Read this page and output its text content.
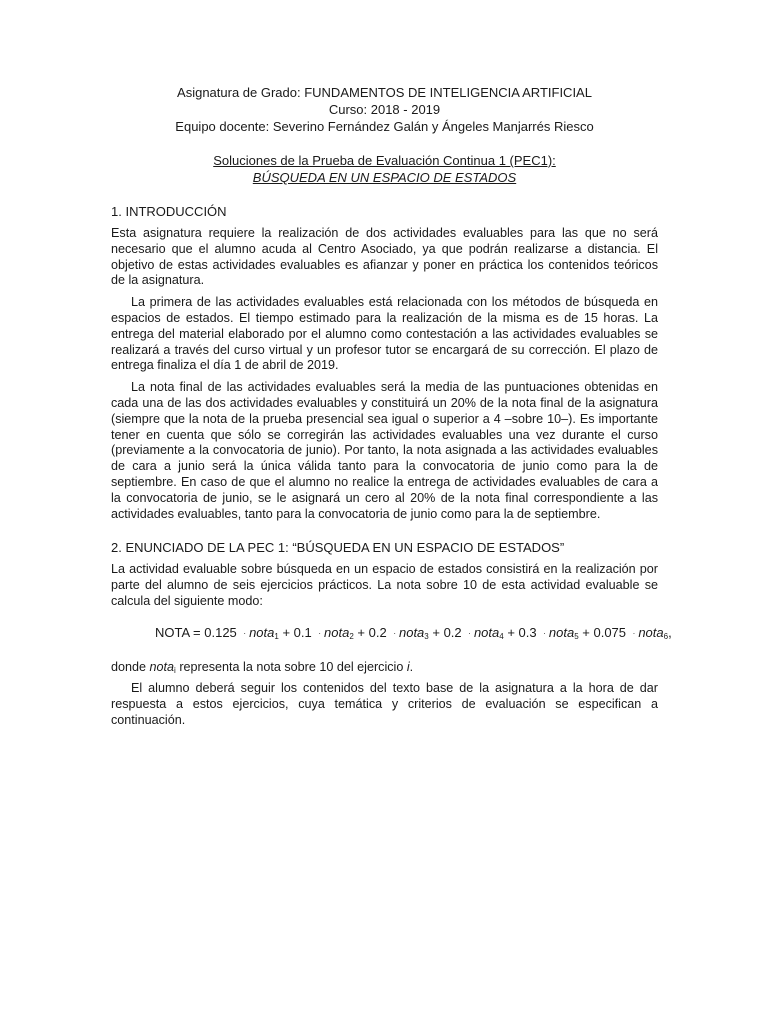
Asignatura de Grado: FUNDAMENTOS DE INTELIGENCIA ARTIFICIAL
Curso: 2018 - 2019
Equipo docente: Severino Fernández Galán y Ángeles Manjarrés Riesco
Soluciones de la Prueba de Evaluación Continua 1 (PEC1):
BÚSQUEDA EN UN ESPACIO DE ESTADOS
1. INTRODUCCIÓN

Esta asignatura requiere la realización de dos actividades evaluables para las que no será necesario que el alumno acuda al Centro Asociado, ya que podrán realizarse a distancia. El objetivo de estas actividades evaluables es afianzar y poner en práctica los contenidos teóricos de la asignatura.

La primera de las actividades evaluables está relacionada con los métodos de búsqueda en espacios de estados. El tiempo estimado para la realización de la misma es de 15 horas. La entrega del material elaborado por el alumno como contestación a las actividades evaluables se realizará a través del curso virtual y un profesor tutor se encargará de su corrección. El plazo de entrega finaliza el día 1 de abril de 2019.

La nota final de las actividades evaluables será la media de las puntuaciones obtenidas en cada una de las dos actividades evaluables y constituirá un 20% de la nota final de la asignatura (siempre que la nota de la prueba presencial sea igual o superior a 4 –sobre 10–). Es importante tener en cuenta que sólo se corregirán las actividades evaluables una vez durante el curso (previamente a la convocatoria de junio). Por tanto, la nota asignada a las actividades evaluables de cara a junio será la única válida tanto para la convocatoria de junio como para la de septiembre. En caso de que el alumno no realice la entrega de actividades evaluables de cara a la convocatoria de junio, se le asignará un cero al 20% de la nota final correspondiente a las actividades evaluables, tanto para la convocatoria de junio como para la de septiembre.

2. ENUNCIADO DE LA PEC 1: “BÚSQUEDA EN UN ESPACIO DE ESTADOS”

La actividad evaluable sobre búsqueda en un espacio de estados consistirá en la realización por parte del alumno de seis ejercicios prácticos. La nota sobre 10 de esta actividad evaluable se calcula del siguiente modo:

NOTA = 0.125 · nota$_1$ + 0.1 · nota$_2$ + 0.2 · nota$_3$ + 0.2 · nota$_4$ + 0.3 · nota$_5$ + 0.075 · nota$_6$,

donde nota$_i$ representa la nota sobre 10 del ejercicio i.

El alumno deberá seguir los contenidos del texto base de la asignatura a la hora de dar respuesta a estos ejercicios, cuya temática y criterios de evaluación se especifican a continuación.
